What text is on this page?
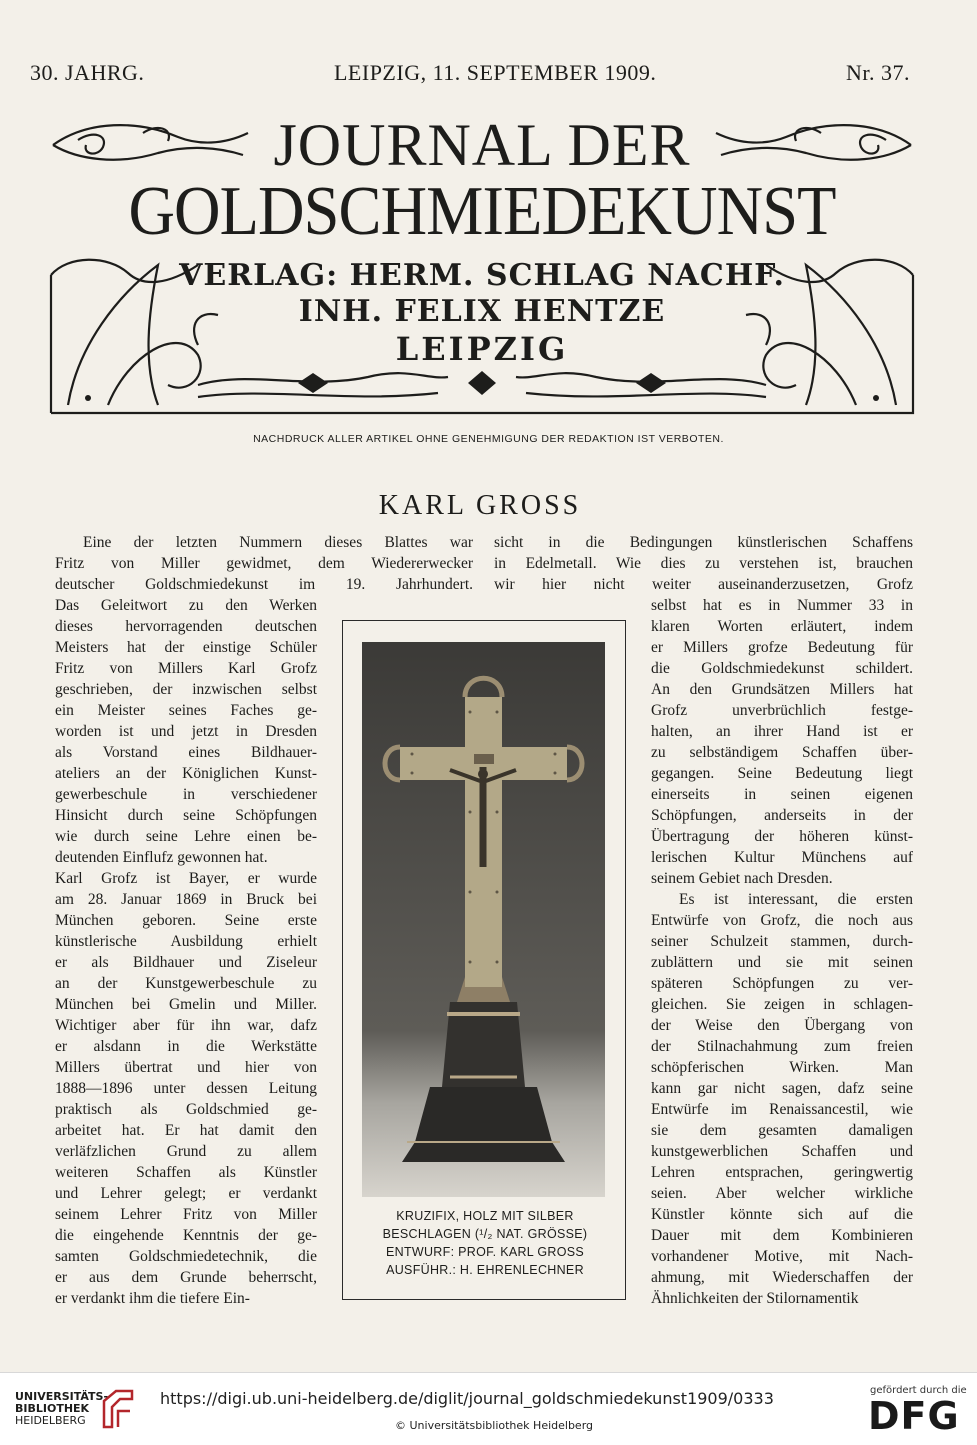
30. JAHRG.	LEIPZIG, 11. SEPTEMBER 1909.	Nr. 37.
JOURNAL DER
GOLDSCHMIEDEKUNST
VERLAG: HERM. SCHLAG NACHF.
INH. FELIX HENTZE
LEIPZIG
NACHDRUCK ALLER ARTIKEL OHNE GENEHMIGUNG DER REDAKTION IST VERBOTEN.
KARL GROSS
Eine der letzten Nummern dieses Blattes war
Fritz von Miller gewidmet, dem Wiedererwecker
deutscher Goldschmiedekunst im 19. Jahrhundert.
Das Geleitwort zu den Werken
dieses hervorragenden deutschen
Meisters hat der einstige Schüler
Fritz von Millers Karl Grofz
geschrieben, der inzwischen selbst
ein Meister seines Faches ge-
worden ist und jetzt in Dresden
als Vorstand eines Bildhauer-
ateliers an der Königlichen Kunst-
gewerbeschule in verschiedener
Hinsicht durch seine Schöpfungen
wie durch seine Lehre einen be-
deutenden Einflufz gewonnen hat.
Karl Grofz ist Bayer, er wurde
am 28. Januar 1869 in Bruck bei
München geboren. Seine erste
künstlerische Ausbildung erhielt
er als Bildhauer und Ziseleur
an der Kunstgewerbeschule zu
München bei Gmelin und Miller.
Wichtiger aber für ihn war, dafz
er alsdann in die Werkstätte
Millers übertrat und hier von
1888—1896 unter dessen Leitung
praktisch als Goldschmied ge-
arbeitet hat. Er hat damit den
verläfzlichen Grund zu allem
weiteren Schaffen als Künstler
und Lehrer gelegt; er verdankt
seinem Lehrer Fritz von Miller
die eingehende Kenntnis der ge-
samten Goldschmiedetechnik, die
er aus dem Grunde beherrscht,
er verdankt ihm die tiefere Ein-
sicht in die Bedingungen künstlerischen Schaffens
in Edelmetall. Wie dies zu verstehen ist, brauchen
wir hier nicht weiter auseinanderzusetzen, Grofz
selbst hat es in Nummer 33 in
klaren Worten erläutert, indem
er Millers grofze Bedeutung für
die Goldschmiedekunst schildert.
An den Grundsätzen Millers hat
Grofz unverbrüchlich festge-
halten, an ihrer Hand ist er
zu selbständigem Schaffen über-
gegangen. Seine Bedeutung liegt
einerseits in seinen eigenen
Schöpfungen, anderseits in der
Übertragung der höheren künst-
lerischen Kultur Münchens auf
seinem Gebiet nach Dresden.
Es ist interessant, die ersten
Entwürfe von Grofz, die noch aus
seiner Schulzeit stammen, durch-
zublättern und sie mit seinen
späteren Schöpfungen zu ver-
gleichen. Sie zeigen in schlagen-
der Weise den Übergang von
der Stilnachahmung zum freien
schöpferischen Wirken. Man
kann gar nicht sagen, dafz seine
Entwürfe im Renaissancestil, wie
sie dem gesamten damaligen
kunstgewerblichen Schaffen und
Lehren entsprachen, geringwertig
seien. Aber welcher wirkliche
Künstler könnte sich auf die
Dauer mit dem Kombinieren
vorhandener Motive, mit Nach-
ahmung, mit Wiederschaffen der
Ähnlichkeiten der Stilornamentik
KRUZIFIX, HOLZ MIT SILBER
BESCHLAGEN (¹/₂ NAT. GRÖSSE)
ENTWURF: PROF. KARL GROSS
AUSFÜHR.: H. EHRENLECHNER
UNIVERSITÄTS-
BIBLIOTHEK
HEIDELBERG
https://digi.ub.uni-heidelberg.de/diglit/journal_goldschmiedekunst1909/0333
© Universitätsbibliothek Heidelberg
gefördert durch die
DFG
